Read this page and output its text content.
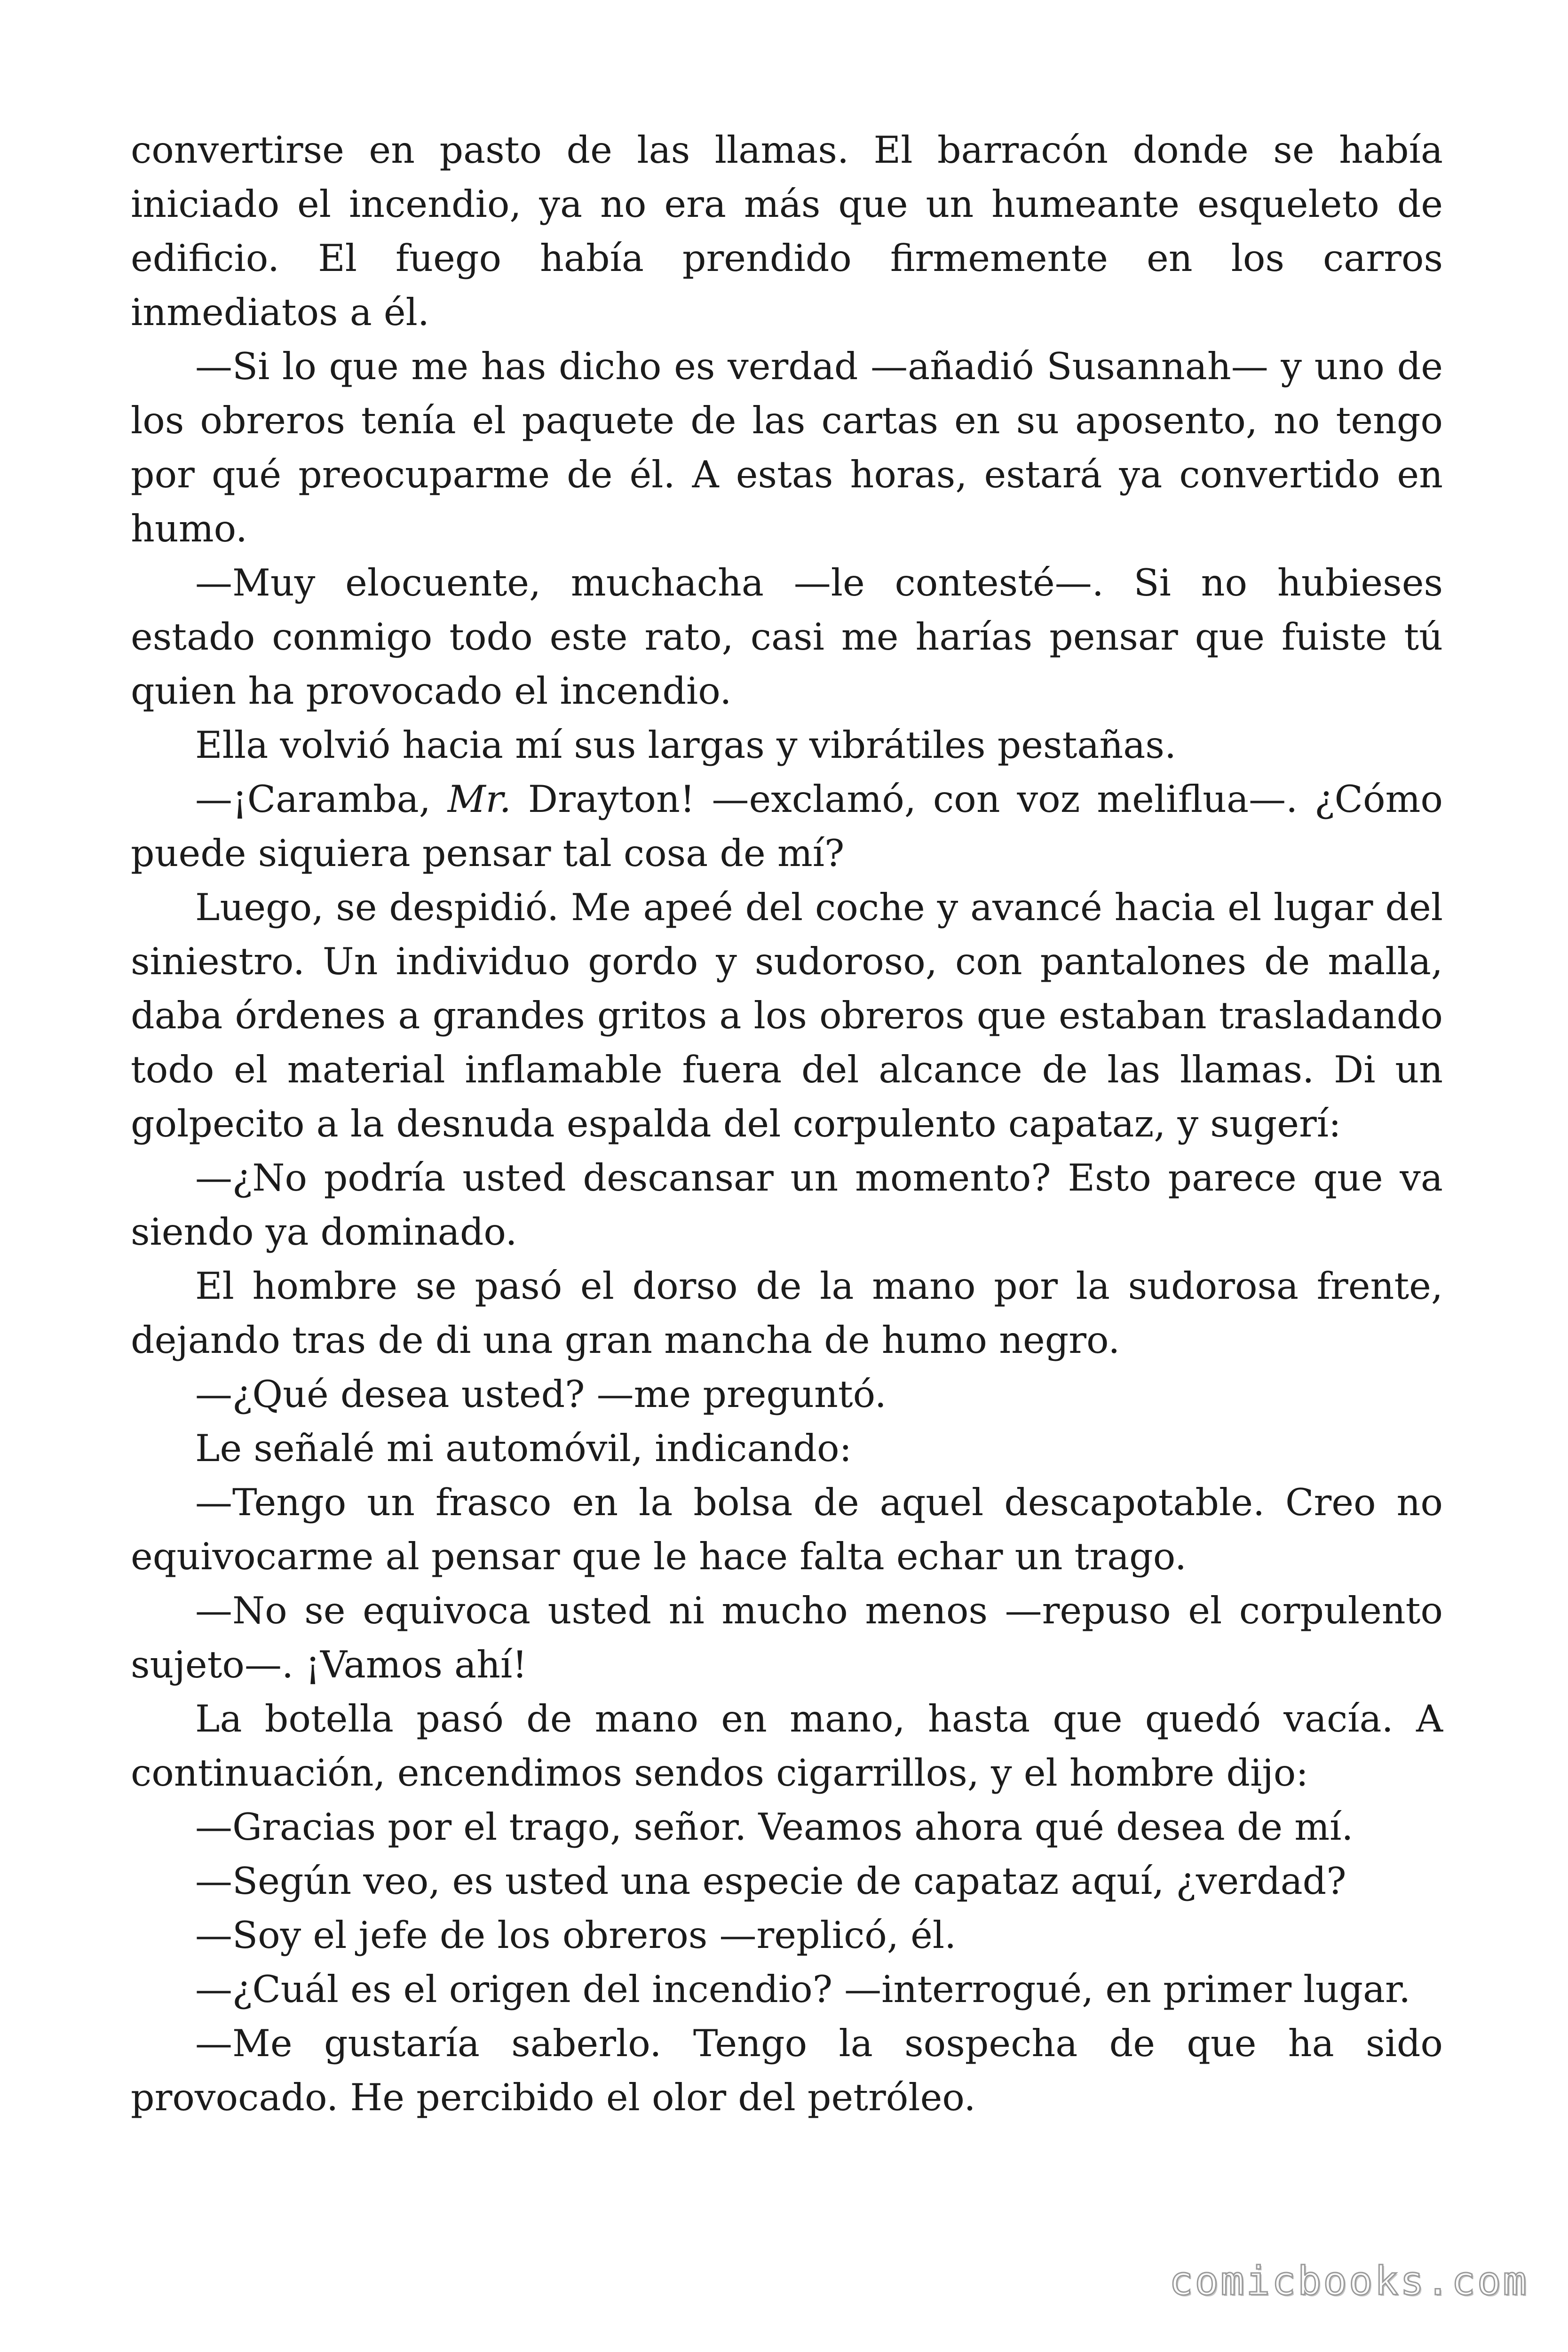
convertirse en pasto de las llamas. El barracón donde se había iniciado el incendio, ya no era más que un humeante esqueleto de edificio. El fuego había prendido firmemente en los carros inmediatos a él.

—Si lo que me has dicho es verdad —añadió Susannah— y uno de los obreros tenía el paquete de las cartas en su aposento, no tengo por qué preocuparme de él. A estas horas, estará ya convertido en humo.

—Muy elocuente, muchacha —le contesté—. Si no hubieses estado conmigo todo este rato, casi me harías pensar que fuiste tú quien ha provocado el incendio.

Ella volvió hacia mí sus largas y vibrátiles pestañas.

—¡Caramba, Mr. Drayton! —exclamó, con voz meliflua—. ¿Cómo puede siquiera pensar tal cosa de mí?

Luego, se despidió. Me apeé del coche y avancé hacia el lugar del siniestro. Un individuo gordo y sudoroso, con pantalones de malla, daba órdenes a grandes gritos a los obreros que estaban trasladando todo el material inflamable fuera del alcance de las llamas. Di un golpecito a la desnuda espalda del corpulento capataz, y sugerí:

—¿No podría usted descansar un momento? Esto parece que va siendo ya dominado.

El hombre se pasó el dorso de la mano por la sudorosa frente, dejando tras de di una gran mancha de humo negro.

—¿Qué desea usted? —me preguntó.

Le señalé mi automóvil, indicando:

—Tengo un frasco en la bolsa de aquel descapotable. Creo no equivocarme al pensar que le hace falta echar un trago.

—No se equivoca usted ni mucho menos —repuso el corpulento sujeto—. ¡Vamos ahí!

La botella pasó de mano en mano, hasta que quedó vacía. A continuación, encendimos sendos cigarrillos, y el hombre dijo:

—Gracias por el trago, señor. Veamos ahora qué desea de mí.

—Según veo, es usted una especie de capataz aquí, ¿verdad?

—Soy el jefe de los obreros —replicó, él.

—¿Cuál es el origen del incendio? —interrogué, en primer lugar.

—Me gustaría saberlo. Tengo la sospecha de que ha sido provocado. He percibido el olor del petróleo.

comicbooks.com
